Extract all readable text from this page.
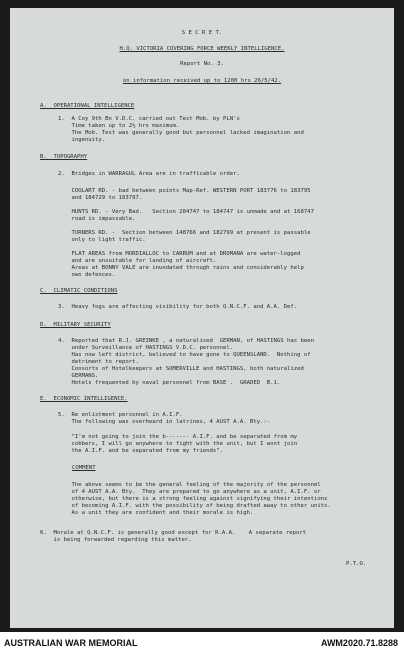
S E C R E T.
H.Q. VICTORIA COVERING FORCE WEEKLY INTELLIGENCE.
Report No. 3.
on information received up to 1200 hrs 26/5/42.
A.  OPERATIONAL INTELLIGENCE
1.  A Coy 9th Bn V.D.C. carried out Test Mob. by PLN's
Time taken up to 2½ hrs maximum.
The Mob. Test was generally good but personnel lacked imagination and
ingenuity.
B.  TOPOGRAPHY
2.  Bridges in WARRAGUL Area are in trafficable order.
COOLART RD. - bad between points Map-Ref. WESTERN PORT 183776 to 183795
and 184729 to 183797.
HUNTS RD. - Very Bad.   Section 204747 to 184747 is unmade and at 168747
road is impassable.
TURNERS RD. -  Section between 148766 and 182799 at present is passable
only to light traffic.
FLAT AREAS from MORDIALLOC to CARRUM and at DROMANA are water-logged
and are unsuitable for landing of aircraft.
Areas at BONNY VALE are inundated through rains and considerably help
own defences.
C.  CLIMATIC CONDITIONS
3.  Heavy fogs are affecting visibility for both Q.N.C.F. and A.A. Def.
D.  MILITARY SECURITY
4.  Reported that R.J. GREINKE , a naturalised  GERMAN, of HASTINGS has been
under Surveillance of HASTINGS V.D.C. personnel.
Has now left district, believed to have gone to QUEENSLAND.  Nothing of
detriment to report.
Consorts of Hotelkeepers at SOMERVILLE and HASTINGS, both naturalized
GERMANS.
Hotels frequented by naval personnel from BASE .  GRADED  B.1.
E.  ECONOMIC INTELLIGENCE.
5.  Re enlistment personnel in A.I.F.
The following was overheard in latrines, 4 AUST A.A. Bty.:-
"I'm not going to join the b------- A.I.F. and be separated from my
cobbers, I will go anywhere to fight with the unit, but I wont join
the A.I.F. and be separated from my friends".
COMMENT
The above seems to be the general feeling of the majority of the personnel
of 4 AUST A.A. Bty.  They are prepared to go anywhere as a unit, A.I.F. or
otherwise, but there is a strong feeling against signifying their intentions
of becoming A.I.F. with the possibility of being drafted away to other units.
As a unit they are confident and their morale is high.
6.  Morale at Q.N.C.F. is generally good except for R.A.A.    A separate report
is being forwarded regarding this matter.
P.T.O.
AUSTRALIAN WAR MEMORIAL	AWM2020.71.8288
